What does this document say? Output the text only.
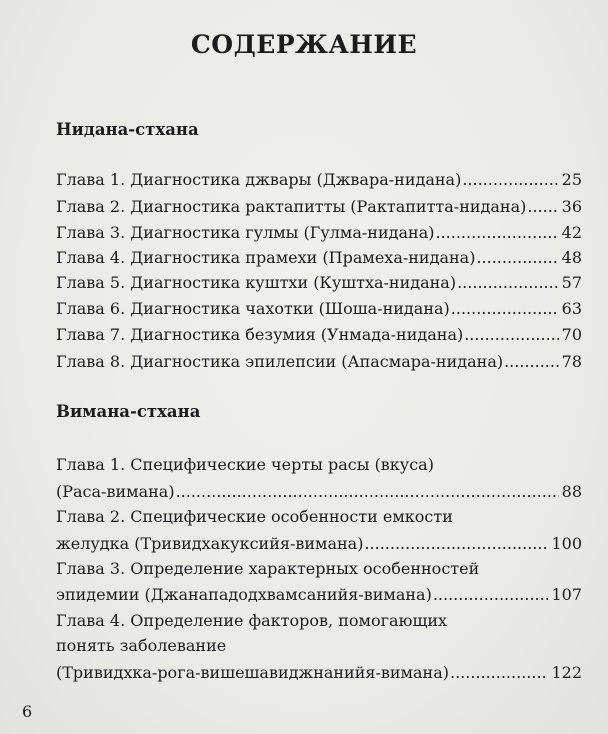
СОДЕРЖАНИЕ
Нидана-стхана
Глава 1. Диагностика джвары (Джвара-нидана) .....	25
Глава 2. Диагностика рактапитты (Рактапитта-нидана) ..... 36
Глава 3. Диагностика гулмы (Гулма-нидана) .....	42
Глава 4. Диагностика прамехи (Прамеха-нидана) .....	48
Глава 5. Диагностика куштхи (Куштха-нидана) .....	57
Глава 6. Диагностика чахотки (Шоша-нидана) .....	63
Глава 7. Диагностика безумия (Унмада-нидана) .....	70
Глава 8. Диагностика эпилепсии (Апасмара-нидана) .....	78
Вимана-стхана
Глава 1. Специфические черты расы (вкуса)
(Раса-вимана) .....	88
Глава 2. Специфические особенности емкости
желудка (Тривидхакуксийя-вимана) .....	100
Глава 3. Определение характерных особенностей
эпидемии (Джанападодхвамсанийя-вимана) .....	107
Глава 4. Определение факторов, помогающих
понять заболевание
(Тривидхка-рога-вишешавиджнанийя-вимана) .....	122
6
